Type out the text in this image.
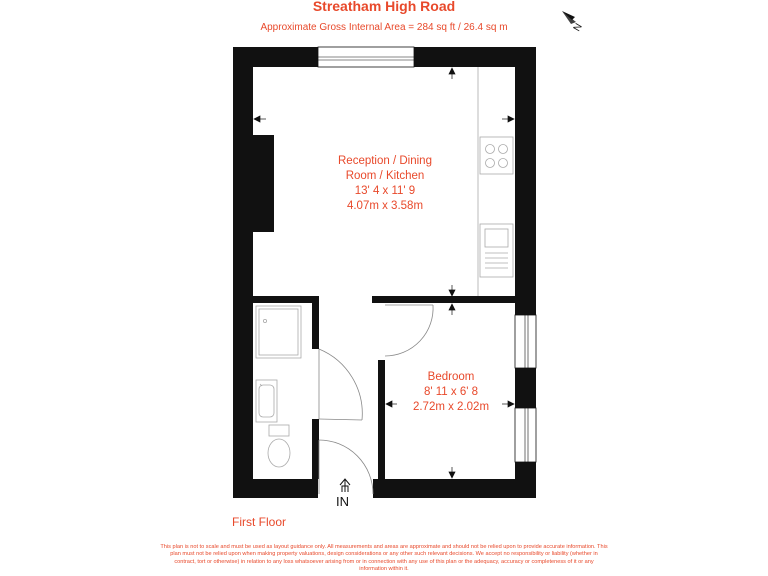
Streatham High Road
Approximate Gross Internal Area = 284 sq ft / 26.4 sq m	N
Reception / Dining
Room / Kitchen
13' 4 x 11' 9
4.07m x 3.58m
Bedroom
8' 11 x 6' 8
2.72m x 2.02m
IN
First Floor
This plan is not to scale and must be used as layout guidance only. All measurements and areas are approximate and should not be relied upon to provide accurate information. This plan must not be relied upon when making property valuations, design considerations or any other such relevant decisions. We accept no responsibility or liability (whether in contract, tort or otherwise) in relation to any loss whatsoever arising from or in connection with any use of this plan or the adequacy, accuracy or completeness of it or any information within it.
